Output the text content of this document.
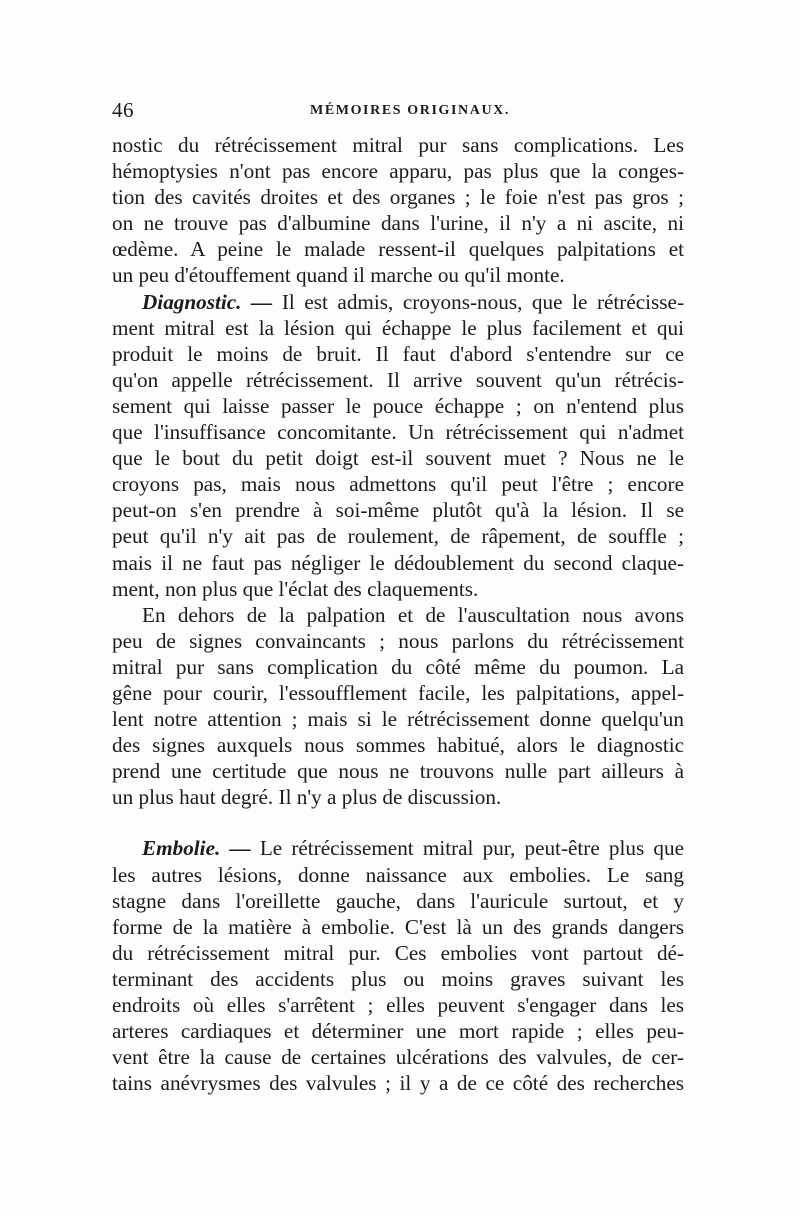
46	MÉMOIRES ORIGINAUX.
nostic du rétrécissement mitral pur sans complications. Les
hémoptysies n'ont pas encore apparu, pas plus que la conges-
tion des cavités droites et des organes ; le foie n'est pas gros ;
on ne trouve pas d'albumine dans l'urine, il n'y a ni ascite, ni
œdème. A peine le malade ressent-il quelques palpitations et
un peu d'étouffement quand il marche ou qu'il monte.
Diagnostic. — Il est admis, croyons-nous, que le rétrécisse-
ment mitral est la lésion qui échappe le plus facilement et qui
produit le moins de bruit. Il faut d'abord s'entendre sur ce
qu'on appelle rétrécissement. Il arrive souvent qu'un rétrécis-
sement qui laisse passer le pouce échappe ; on n'entend plus
que l'insuffisance concomitante. Un rétrécissement qui n'admet
que le bout du petit doigt est-il souvent muet ? Nous ne le
croyons pas, mais nous admettons qu'il peut l'être ; encore
peut-on s'en prendre à soi-même plutôt qu'à la lésion. Il se
peut qu'il n'y ait pas de roulement, de râpement, de souffle ;
mais il ne faut pas négliger le dédoublement du second claque-
ment, non plus que l'éclat des claquements.
En dehors de la palpation et de l'auscultation nous avons
peu de signes convaincants ; nous parlons du rétrécissement
mitral pur sans complication du côté même du poumon. La
gêne pour courir, l'essoufflement facile, les palpitations, appel-
lent notre attention ; mais si le rétrécissement donne quelqu'un
des signes auxquels nous sommes habitué, alors le diagnostic
prend une certitude que nous ne trouvons nulle part ailleurs à
un plus haut degré. Il n'y a plus de discussion.
Embolie. — Le rétrécissement mitral pur, peut-être plus que
les autres lésions, donne naissance aux embolies. Le sang
stagne dans l'oreillette gauche, dans l'auricule surtout, et y
forme de la matière à embolie. C'est là un des grands dangers
du rétrécissement mitral pur. Ces embolies vont partout dé-
terminant des accidents plus ou moins graves suivant les
endroits où elles s'arrêtent ; elles peuvent s'engager dans les
arteres cardiaques et déterminer une mort rapide ; elles peu-
vent être la cause de certaines ulcérations des valvules, de cer-
tains anévrysmes des valvules ; il y a de ce côté des recherches
